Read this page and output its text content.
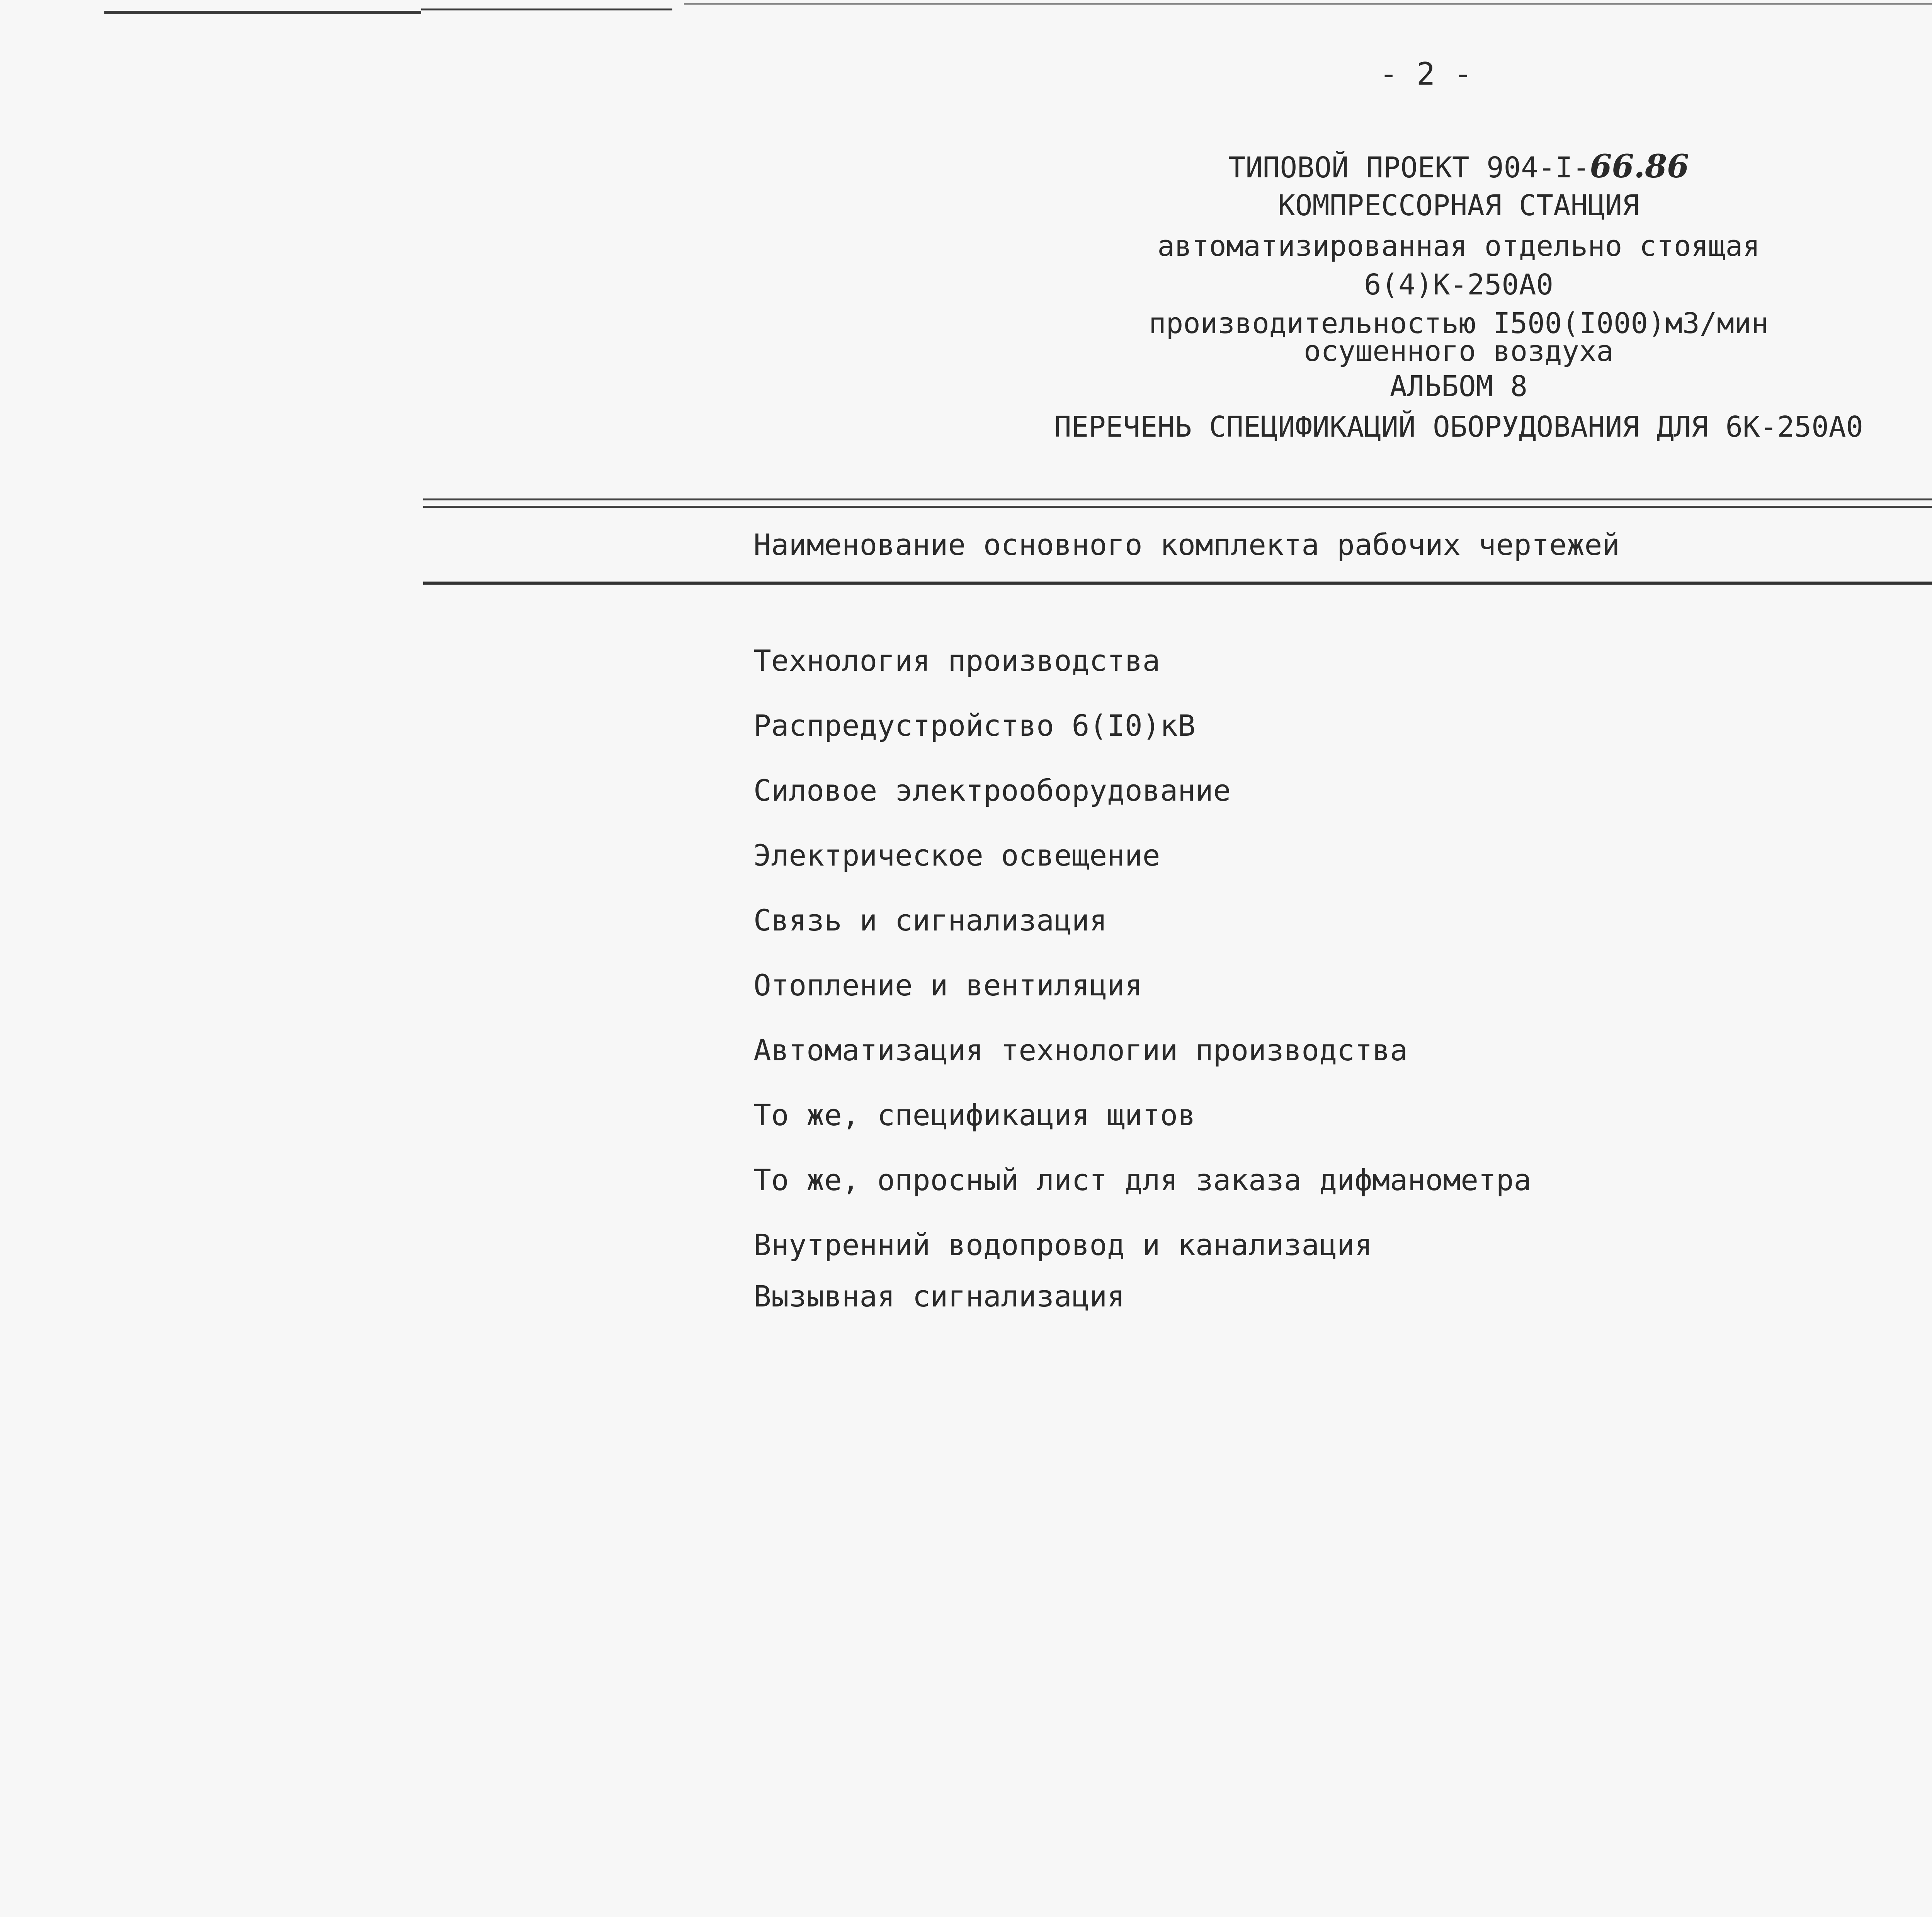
- 2 -
ТИПОВОЙ ПРОЕКТ 904-I-66.86
КОМПРЕССОРНАЯ СТАНЦИЯ
автоматизированная отдельно стоящая
6(4)К-250А0
производительностью I500(I000)м3/мин
осушенного воздуха
АЛЬБОМ 8
ПЕРЕЧЕНЬ СПЕЦИФИКАЦИЙ ОБОРУДОВАНИЯ ДЛЯ 6К-250А0
Наименование основного комплекта рабочих чертежей
Технология производства
Распредустройство 6(I0)кВ
Силовое электрооборудование
Электрическое освещение
Связь и сигнализация
Отопление и вентиляция
Автоматизация технологии производства
То же, спецификация щитов
То же, опросный лист для заказа дифманометра
Внутренний водопровод и канализация
Вызывная сигнализация
